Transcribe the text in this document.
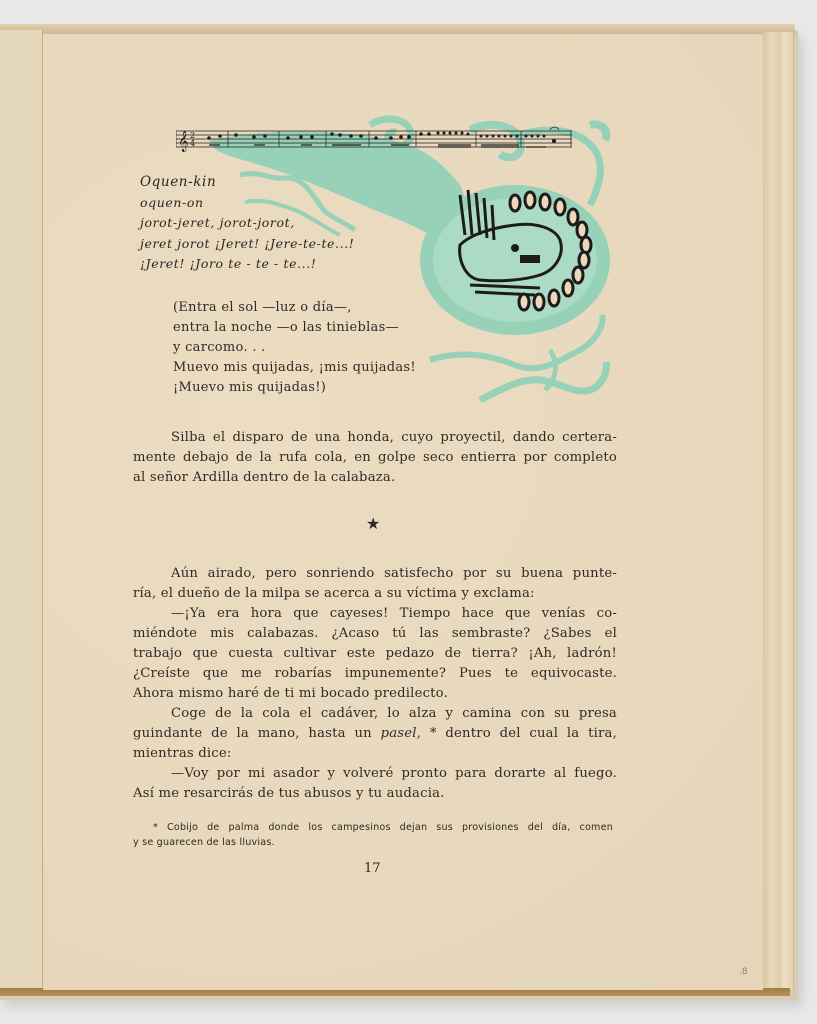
𝄞 2
4
Oquen-kin
oquen-on
jorot-jeret, jorot-jorot,
jeret jorot ¡Jeret! ¡Jere-te-te...!
¡Jeret! ¡Joro te - te - te...!
(Entra el sol —luz o día—,
entra la noche —o las tinieblas—
y carcomo. . .
Muevo mis quijadas, ¡mis quijadas!
¡Muevo mis quijadas!)
Silba el disparo de una honda, cuyo proyectil, dando certera-
mente debajo de la rufa cola, en golpe seco entierra por completo
al señor Ardilla dentro de la calabaza.
★
Aún airado, pero sonriendo satisfecho por su buena punte-
ría, el dueño de la milpa se acerca a su víctima y exclama:
—¡Ya era hora que cayeses! Tiempo hace que venías co-
miéndote mis calabazas. ¿Acaso tú las sembraste? ¿Sabes el
trabajo que cuesta cultivar este pedazo de tierra? ¡Ah, ladrón!
¿Creíste que me robarías impunemente? Pues te equivocaste.
Ahora mismo haré de ti mi bocado predilecto.
Coge de la cola el cadáver, lo alza y camina con su presa
guindante de la mano, hasta un pasel, * dentro del cual la tira,
mientras dice:
—Voy por mi asador y volveré pronto para dorarte al fuego.
Así me resarcirás de tus abusos y tu audacia.
* Cobijo de palma donde los campesinos dejan sus provisiones del día, comen
y se guarecen de las lluvias.
17
.8
